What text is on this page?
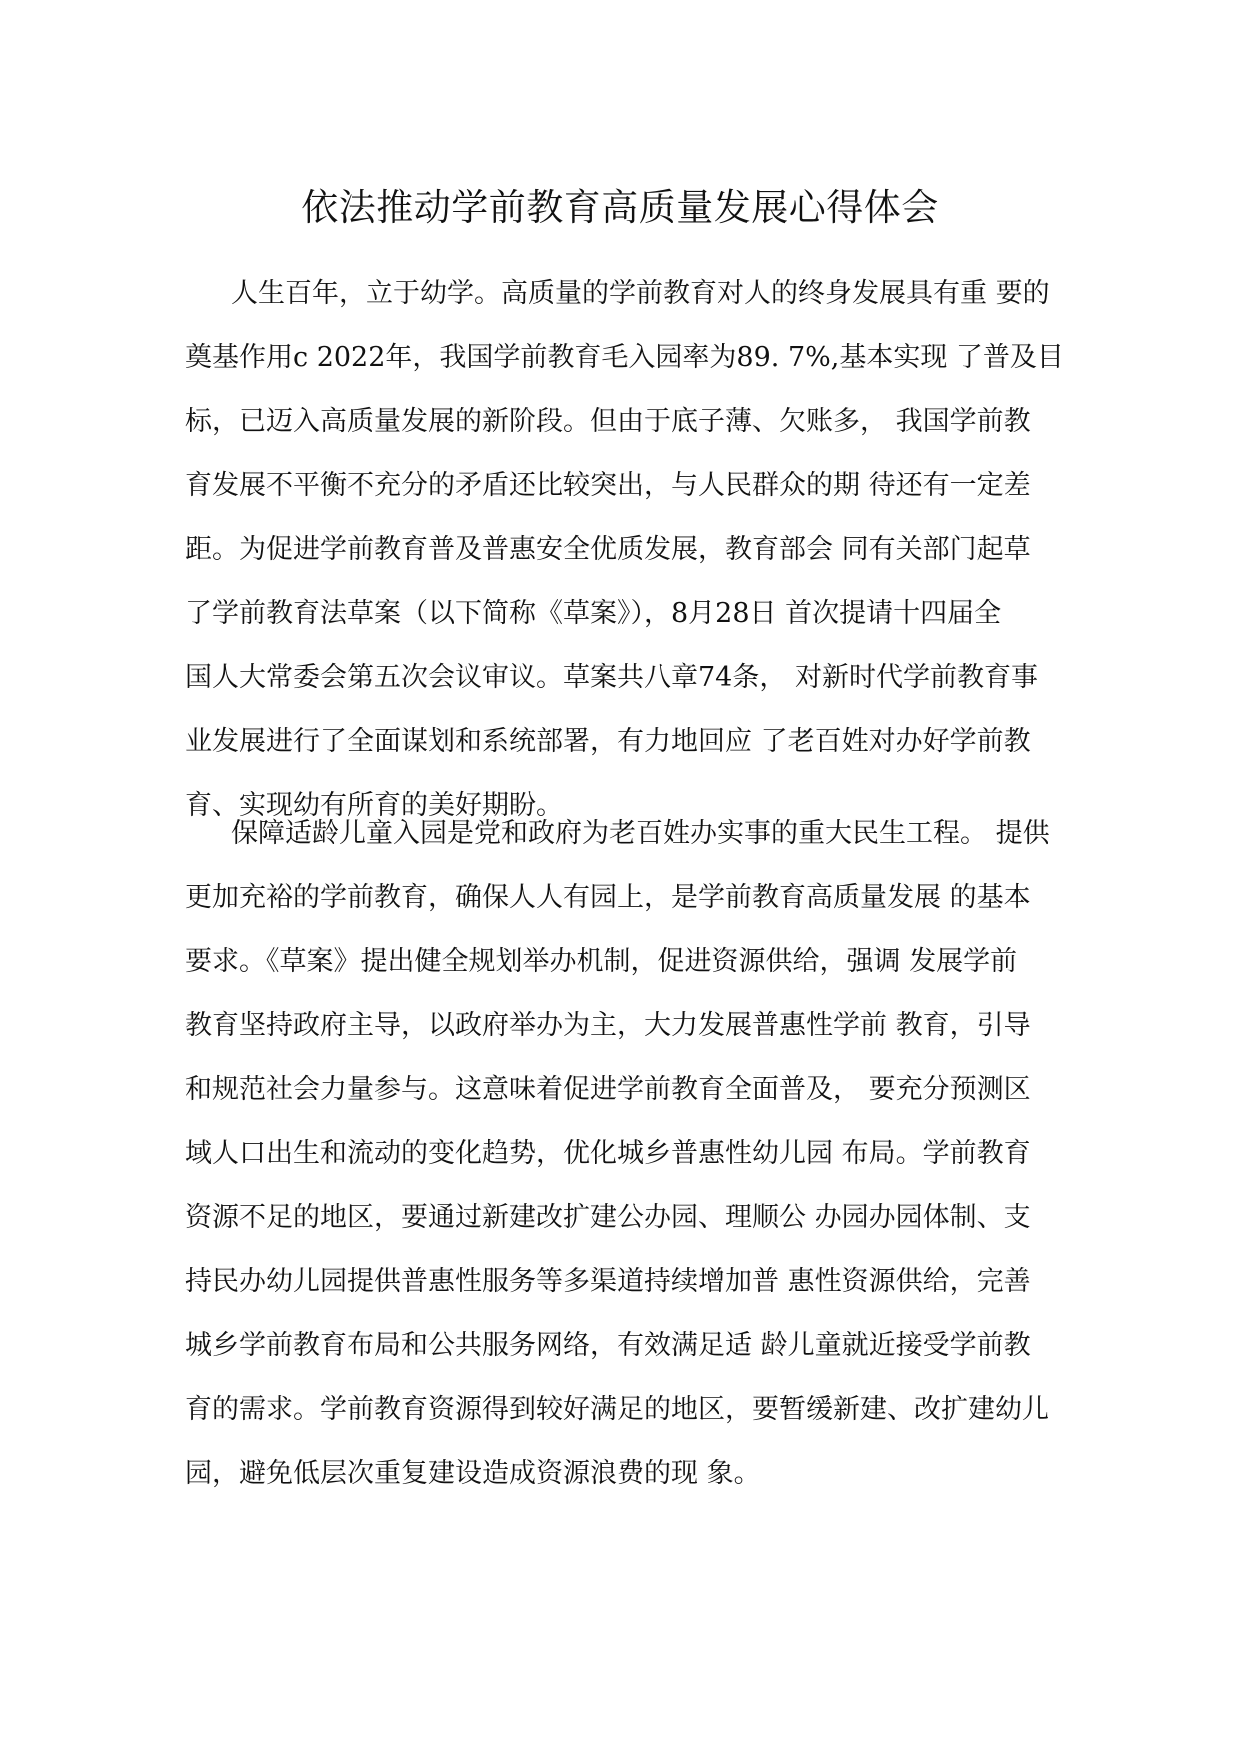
依法推动学前教育高质量发展心得体会
人生百年，立于幼学。高质量的学前教育对人的终身发展具有重 要的
奠基作用c 2022年，我国学前教育毛入园率为89. 7%,基本实现 了普及目
标，已迈入高质量发展的新阶段。但由于底子薄、欠账多， 我国学前教
育发展不平衡不充分的矛盾还比较突出，与人民群众的期 待还有一定差
距。为促进学前教育普及普惠安全优质发展，教育部会 同有关部门起草
了学前教育法草案（以下简称《草案》），8月28日 首次提请十四届全
国人大常委会第五次会议审议。草案共八章74条， 对新时代学前教育事
业发展进行了全面谋划和系统部署，有力地回应 了老百姓对办好学前教
育、实现幼有所育的美好期盼。
保障适龄儿童入园是党和政府为老百姓办实事的重大民生工程。 提供
更加充裕的学前教育，确保人人有园上，是学前教育高质量发展 的基本
要求。《草案》提出健全规划举办机制，促进资源供给，强调 发展学前
教育坚持政府主导，以政府举办为主，大力发展普惠性学前 教育，引导
和规范社会力量参与。这意味着促进学前教育全面普及， 要充分预测区
域人口出生和流动的变化趋势，优化城乡普惠性幼儿园 布局。学前教育
资源不足的地区，要通过新建改扩建公办园、理顺公 办园办园体制、支
持民办幼儿园提供普惠性服务等多渠道持续增加普 惠性资源供给，完善
城乡学前教育布局和公共服务网络，有效满足适 龄儿童就近接受学前教
育的需求。学前教育资源得到较好满足的地区，要暂缓新建、改扩建幼儿
园，避免低层次重复建设造成资源浪费的现 象。
